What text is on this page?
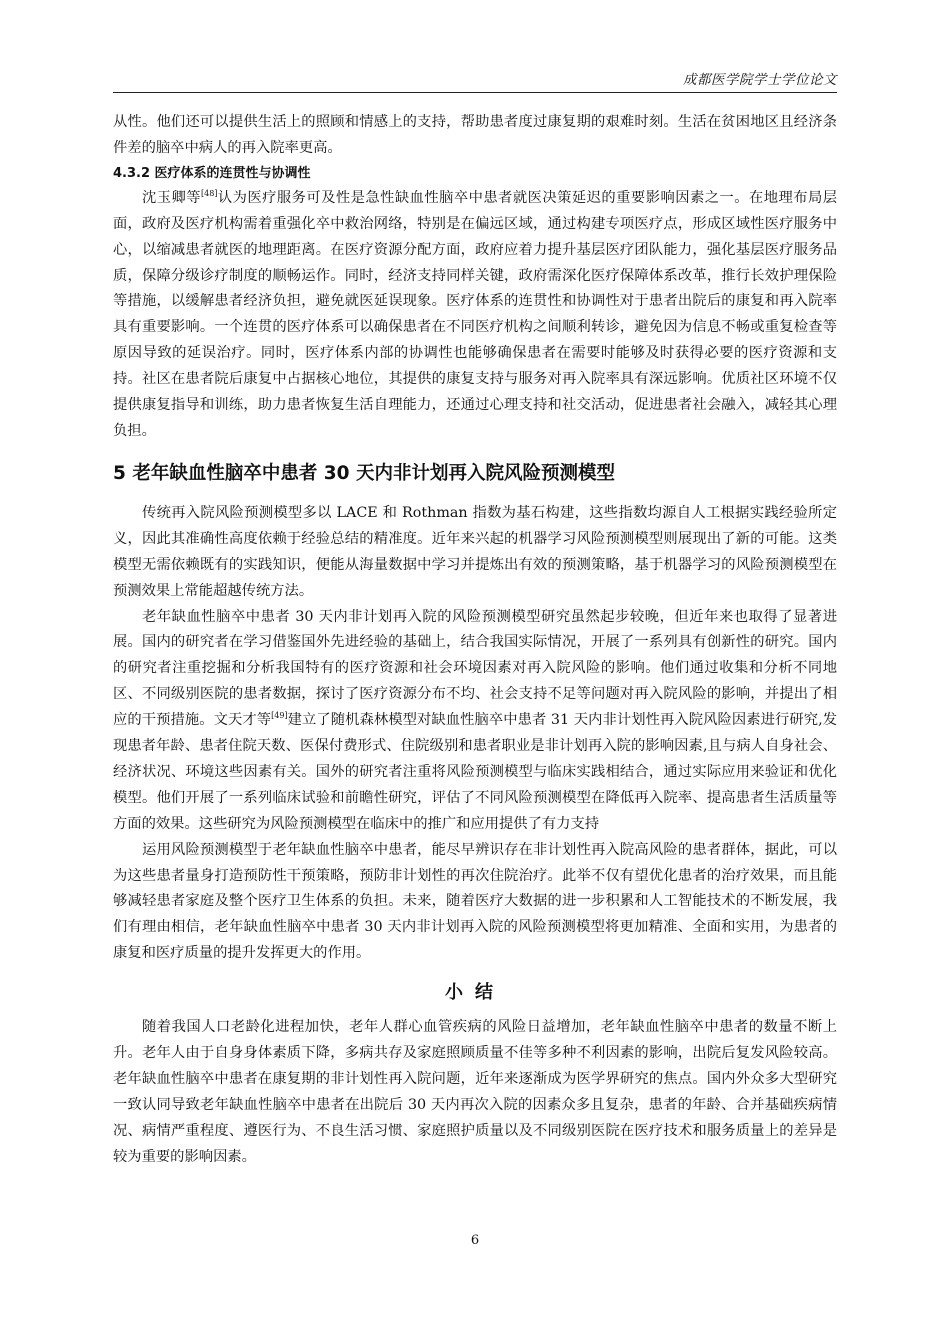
成都医学院学士学位论文

从性。他们还可以提供生活上的照顾和情感上的支持，帮助患者度过康复期的艰难时刻。生活在贫困地区且经济条件差的脑卒中病人的再入院率更高。

4.3.2 医疗体系的连贯性与协调性

沈玉卿等[48]认为医疗服务可及性是急性缺血性脑卒中患者就医决策延迟的重要影响因素之一。在地理布局层面，政府及医疗机构需着重强化卒中救治网络，特别是在偏远区域，通过构建专项医疗点，形成区域性医疗服务中心，以缩减患者就医的地理距离。在医疗资源分配方面，政府应着力提升基层医疗团队能力，强化基层医疗服务品质，保障分级诊疗制度的顺畅运作。同时，经济支持同样关键，政府需深化医疗保障体系改革，推行长效护理保险等措施，以缓解患者经济负担，避免就医延误现象。医疗体系的连贯性和协调性对于患者出院后的康复和再入院率具有重要影响。一个连贯的医疗体系可以确保患者在不同医疗机构之间顺利转诊，避免因为信息不畅或重复检查等原因导致的延误治疗。同时，医疗体系内部的协调性也能够确保患者在需要时能够及时获得必要的医疗资源和支持。社区在患者院后康复中占据核心地位，其提供的康复支持与服务对再入院率具有深远影响。优质社区环境不仅提供康复指导和训练，助力患者恢复生活自理能力，还通过心理支持和社交活动，促进患者社会融入，减轻其心理负担。

5 老年缺血性脑卒中患者 30 天内非计划再入院风险预测模型

传统再入院风险预测模型多以 LACE 和 Rothman 指数为基石构建，这些指数均源自人工根据实践经验所定义，因此其准确性高度依赖于经验总结的精准度。近年来兴起的机器学习风险预测模型则展现出了新的可能。这类模型无需依赖既有的实践知识，便能从海量数据中学习并提炼出有效的预测策略，基于机器学习的风险预测模型在预测效果上常能超越传统方法。

老年缺血性脑卒中患者 30 天内非计划再入院的风险预测模型研究虽然起步较晚，但近年来也取得了显著进展。国内的研究者在学习借鉴国外先进经验的基础上，结合我国实际情况，开展了一系列具有创新性的研究。国内的研究者注重挖掘和分析我国特有的医疗资源和社会环境因素对再入院风险的影响。他们通过收集和分析不同地区、不同级别医院的患者数据，探讨了医疗资源分布不均、社会支持不足等问题对再入院风险的影响，并提出了相应的干预措施。文天才等[49]建立了随机森林模型对缺血性脑卒中患者 31 天内非计划性再入院风险因素进行研究,发现患者年龄、患者住院天数、医保付费形式、住院级别和患者职业是非计划再入院的影响因素,且与病人自身社会、经济状况、环境这些因素有关。国外的研究者注重将风险预测模型与临床实践相结合，通过实际应用来验证和优化模型。他们开展了一系列临床试验和前瞻性研究，评估了不同风险预测模型在降低再入院率、提高患者生活质量等方面的效果。这些研究为风险预测模型在临床中的推广和应用提供了有力支持

运用风险预测模型于老年缺血性脑卒中患者，能尽早辨识存在非计划性再入院高风险的患者群体，据此，可以为这些患者量身打造预防性干预策略，预防非计划性的再次住院治疗。此举不仅有望优化患者的治疗效果，而且能够减轻患者家庭及整个医疗卫生体系的负担。未来，随着医疗大数据的进一步积累和人工智能技术的不断发展，我们有理由相信，老年缺血性脑卒中患者 30 天内非计划再入院的风险预测模型将更加精准、全面和实用，为患者的康复和医疗质量的提升发挥更大的作用。

小结

随着我国人口老龄化进程加快，老年人群心血管疾病的风险日益增加，老年缺血性脑卒中患者的数量不断上升。老年人由于自身身体素质下降，多病共存及家庭照顾质量不佳等多种不利因素的影响，出院后复发风险较高。老年缺血性脑卒中患者在康复期的非计划性再入院问题，近年来逐渐成为医学界研究的焦点。国内外众多大型研究一致认同导致老年缺血性脑卒中患者在出院后 30 天内再次入院的因素众多且复杂，患者的年龄、合并基础疾病情况、病情严重程度、遵医行为、不良生活习惯、家庭照护质量以及不同级别医院在医疗技术和服务质量上的差异是较为重要的影响因素。

6
